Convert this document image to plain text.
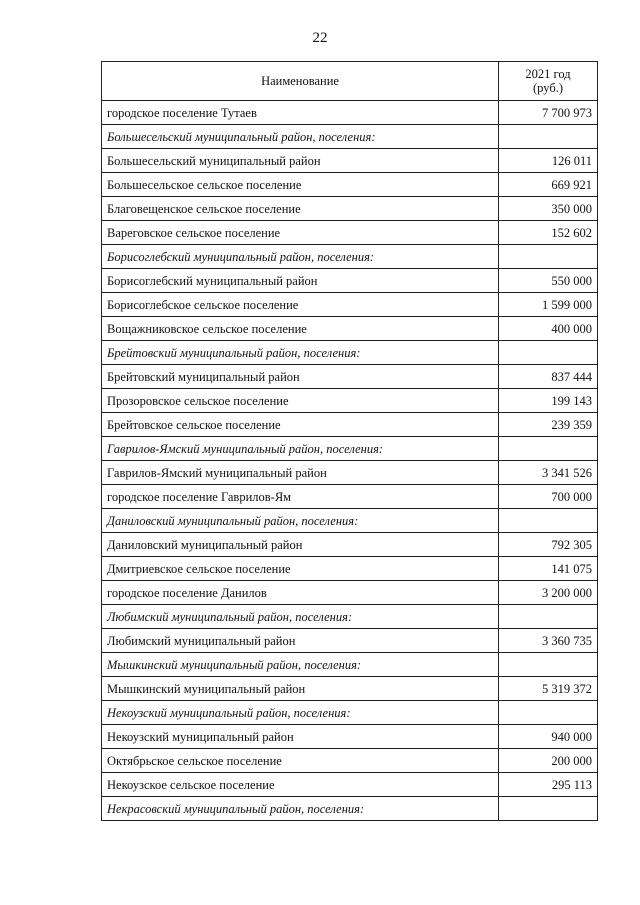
22
Наименование	2021 год
(руб.)

городское поселение Тутаев	7 700 973
Большесельский муниципальный район, поселения:	
Большесельский муниципальный район	126 011
Большесельское сельское поселение	669 921
Благовещенское сельское поселение	350 000
Вареговское сельское поселение	152 602
Борисоглебский муниципальный район, поселения:	
Борисоглебский муниципальный район	550 000
Борисоглебское сельское поселение	1 599 000
Вощажниковское сельское поселение	400 000
Брейтовский муниципальный район, поселения:	
Брейтовский муниципальный район	837 444
Прозоровское сельское поселение	199 143
Брейтовское сельское поселение	239 359
Гаврилов-Ямский муниципальный район, поселения:	
Гаврилов-Ямский муниципальный район	3 341 526
городское поселение Гаврилов-Ям	700 000
Даниловский муниципальный район, поселения:	
Даниловский муниципальный район	792 305
Дмитриевское сельское поселение	141 075
городское поселение Данилов	3 200 000
Любимский муниципальный район, поселения:	
Любимский муниципальный район	3 360 735
Мышкинский муниципальный район, поселения:	
Мышкинский муниципальный район	5 319 372
Некоузский муниципальный район, поселения:	
Некоузский муниципальный район	940 000
Октябрьское сельское поселение	200 000
Некоузское сельское поселение	295 113
Некрасовский муниципальный район, поселения:	
